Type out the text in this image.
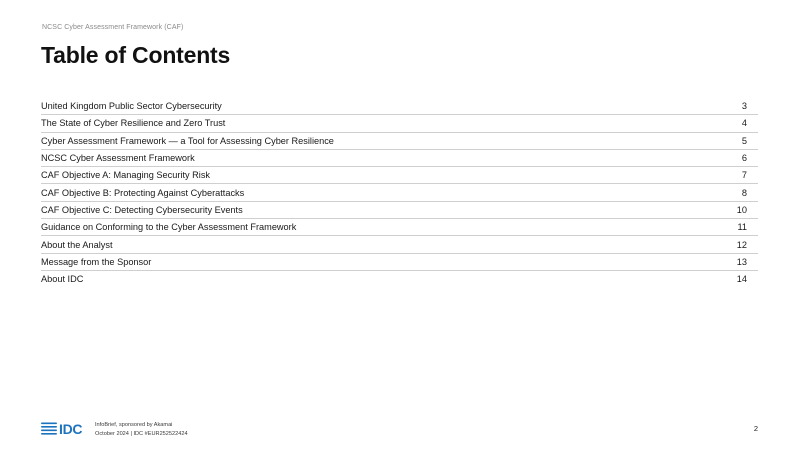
NCSC Cyber Assessment Framework (CAF)
Table of Contents
United Kingdom Public Sector Cybersecurity	3
The State of Cyber Resilience and Zero Trust	4
Cyber Assessment Framework — a Tool for Assessing Cyber Resilience	5
NCSC Cyber Assessment Framework	6
CAF Objective A: Managing Security Risk	7
CAF Objective B: Protecting Against Cyberattacks	8
CAF Objective C: Detecting Cybersecurity Events	10
Guidance on Conforming to the Cyber Assessment Framework	11
About the Analyst	12
Message from the Sponsor	13
About IDC	14
IDC InfoBrief, sponsored by Akamai
October 2024 | IDC #EUR252522424
2
